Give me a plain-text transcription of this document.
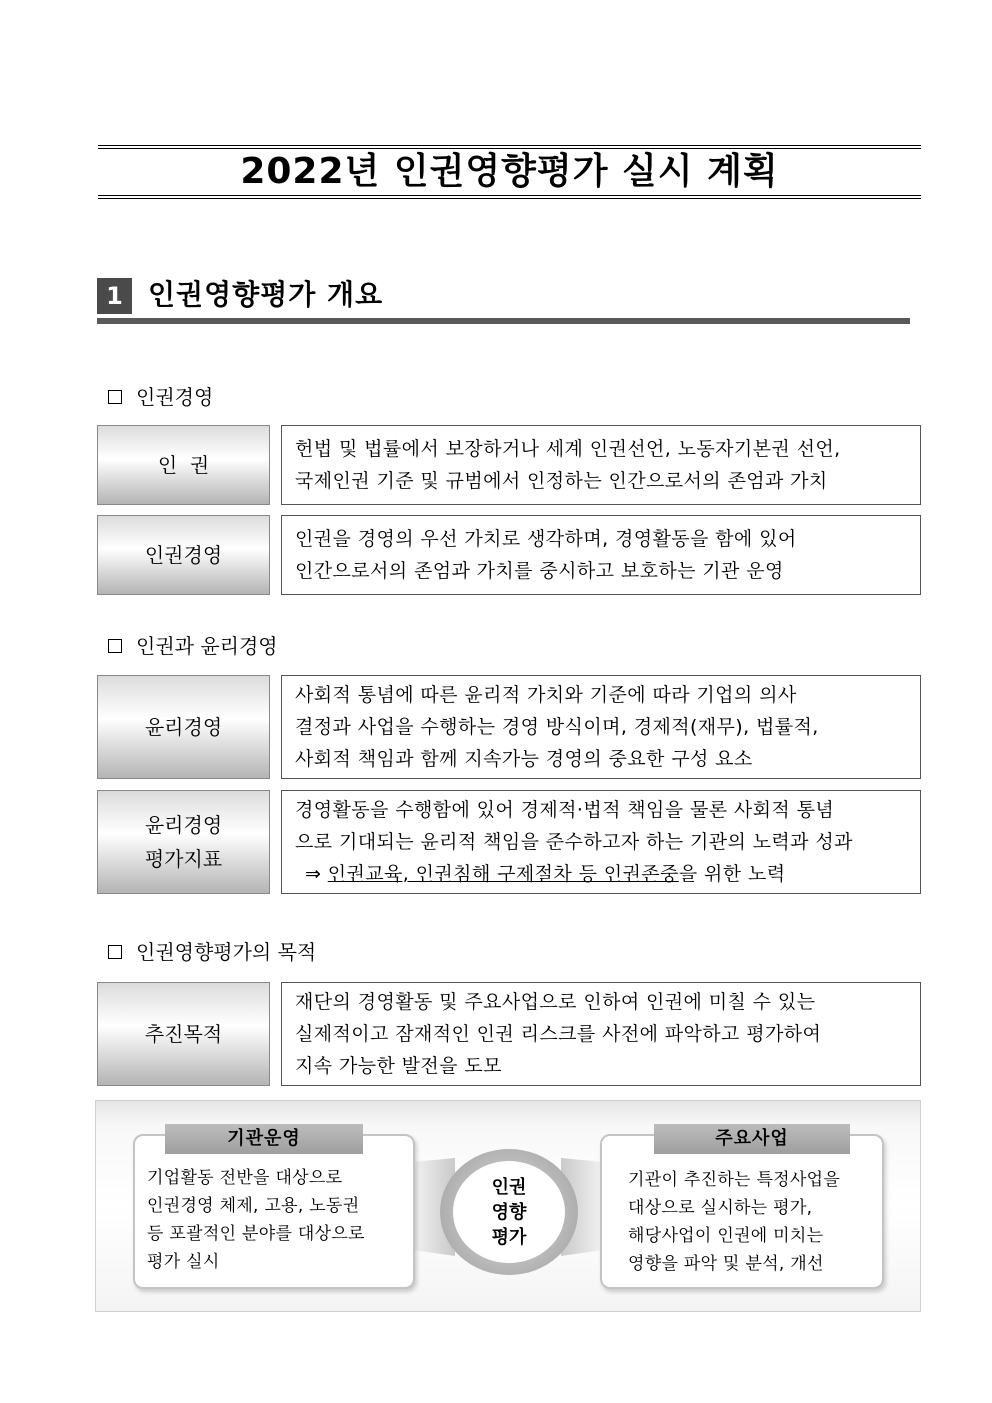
2022년 인권영향평가 실시 계획
1 인권영향평가 개요
인권경영
인  권
헌법 및 법률에서 보장하거나 세계 인권선언, 노동자기본권 선언,
국제인권 기준 및 규범에서 인정하는 인간으로서의 존엄과 가치
인권경영
인권을 경영의 우선 가치로 생각하며, 경영활동을 함에 있어
인간으로서의 존엄과 가치를 중시하고 보호하는 기관 운영
인권과 윤리경영
윤리경영
사회적 통념에 따른 윤리적 가치와 기준에 따라 기업의 의사
결정과 사업을 수행하는 경영 방식이며, 경제적(재무), 법률적,
사회적 책임과 함께 지속가능 경영의 중요한 구성 요소
윤리경영
평가지표
경영활동을 수행함에 있어 경제적·법적 책임을 물론 사회적 통념
으로 기대되는 윤리적 책임을 준수하고자 하는 기관의 노력과 성과
⇒ 인권교육, 인권침해 구제절차 등 인권존중을 위한 노력
인권영향평가의 목적
추진목적
재단의 경영활동 및 주요사업으로 인하여 인권에 미칠 수 있는
실제적이고 잠재적인 인권 리스크를 사전에 파악하고 평가하여
지속 가능한 발전을 도모
기업활동 전반을 대상으로
인권경영 체제, 고용, 노동권
등 포괄적인 분야를 대상으로
평가 실시
기관운영
기관이 추진하는 특정사업을
대상으로 실시하는 평가,
해당사업이 인권에 미치는
영향을 파악 및 분석, 개선
주요사업
인권
영향
평가
